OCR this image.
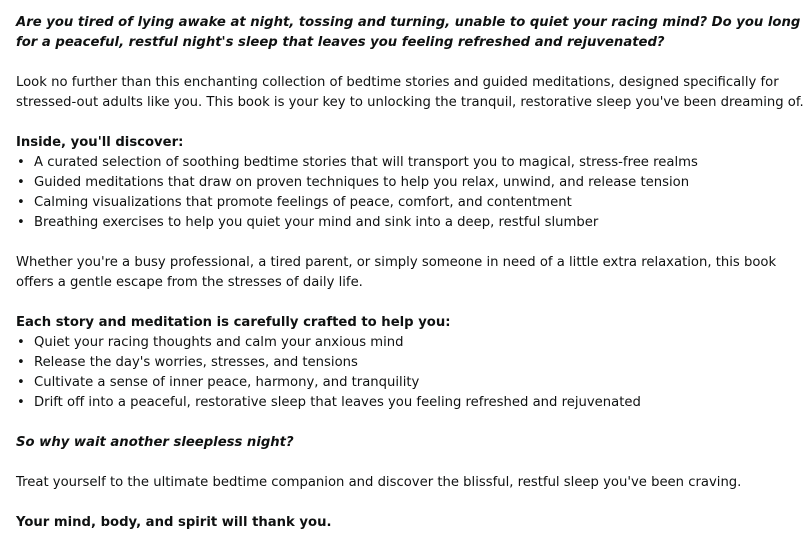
Are you tired of lying awake at night, tossing and turning, unable to quiet your racing mind? Do you long for a peaceful, restful night's sleep that leaves you feeling refreshed and rejuvenated?

Look no further than this enchanting collection of bedtime stories and guided meditations, designed specifically for stressed-out adults like you. This book is your key to unlocking the tranquil, restorative sleep you've been dreaming of.

Inside, you'll discover:

• A curated selection of soothing bedtime stories that will transport you to magical, stress-free realms
• Guided meditations that draw on proven techniques to help you relax, unwind, and release tension
• Calming visualizations that promote feelings of peace, comfort, and contentment
• Breathing exercises to help you quiet your mind and sink into a deep, restful slumber

Whether you're a busy professional, a tired parent, or simply someone in need of a little extra relaxation, this book offers a gentle escape from the stresses of daily life.

Each story and meditation is carefully crafted to help you:

• Quiet your racing thoughts and calm your anxious mind
• Release the day's worries, stresses, and tensions
• Cultivate a sense of inner peace, harmony, and tranquility
• Drift off into a peaceful, restorative sleep that leaves you feeling refreshed and rejuvenated

So why wait another sleepless night?

Treat yourself to the ultimate bedtime companion and discover the blissful, restful sleep you've been craving.

Your mind, body, and spirit will thank you.
